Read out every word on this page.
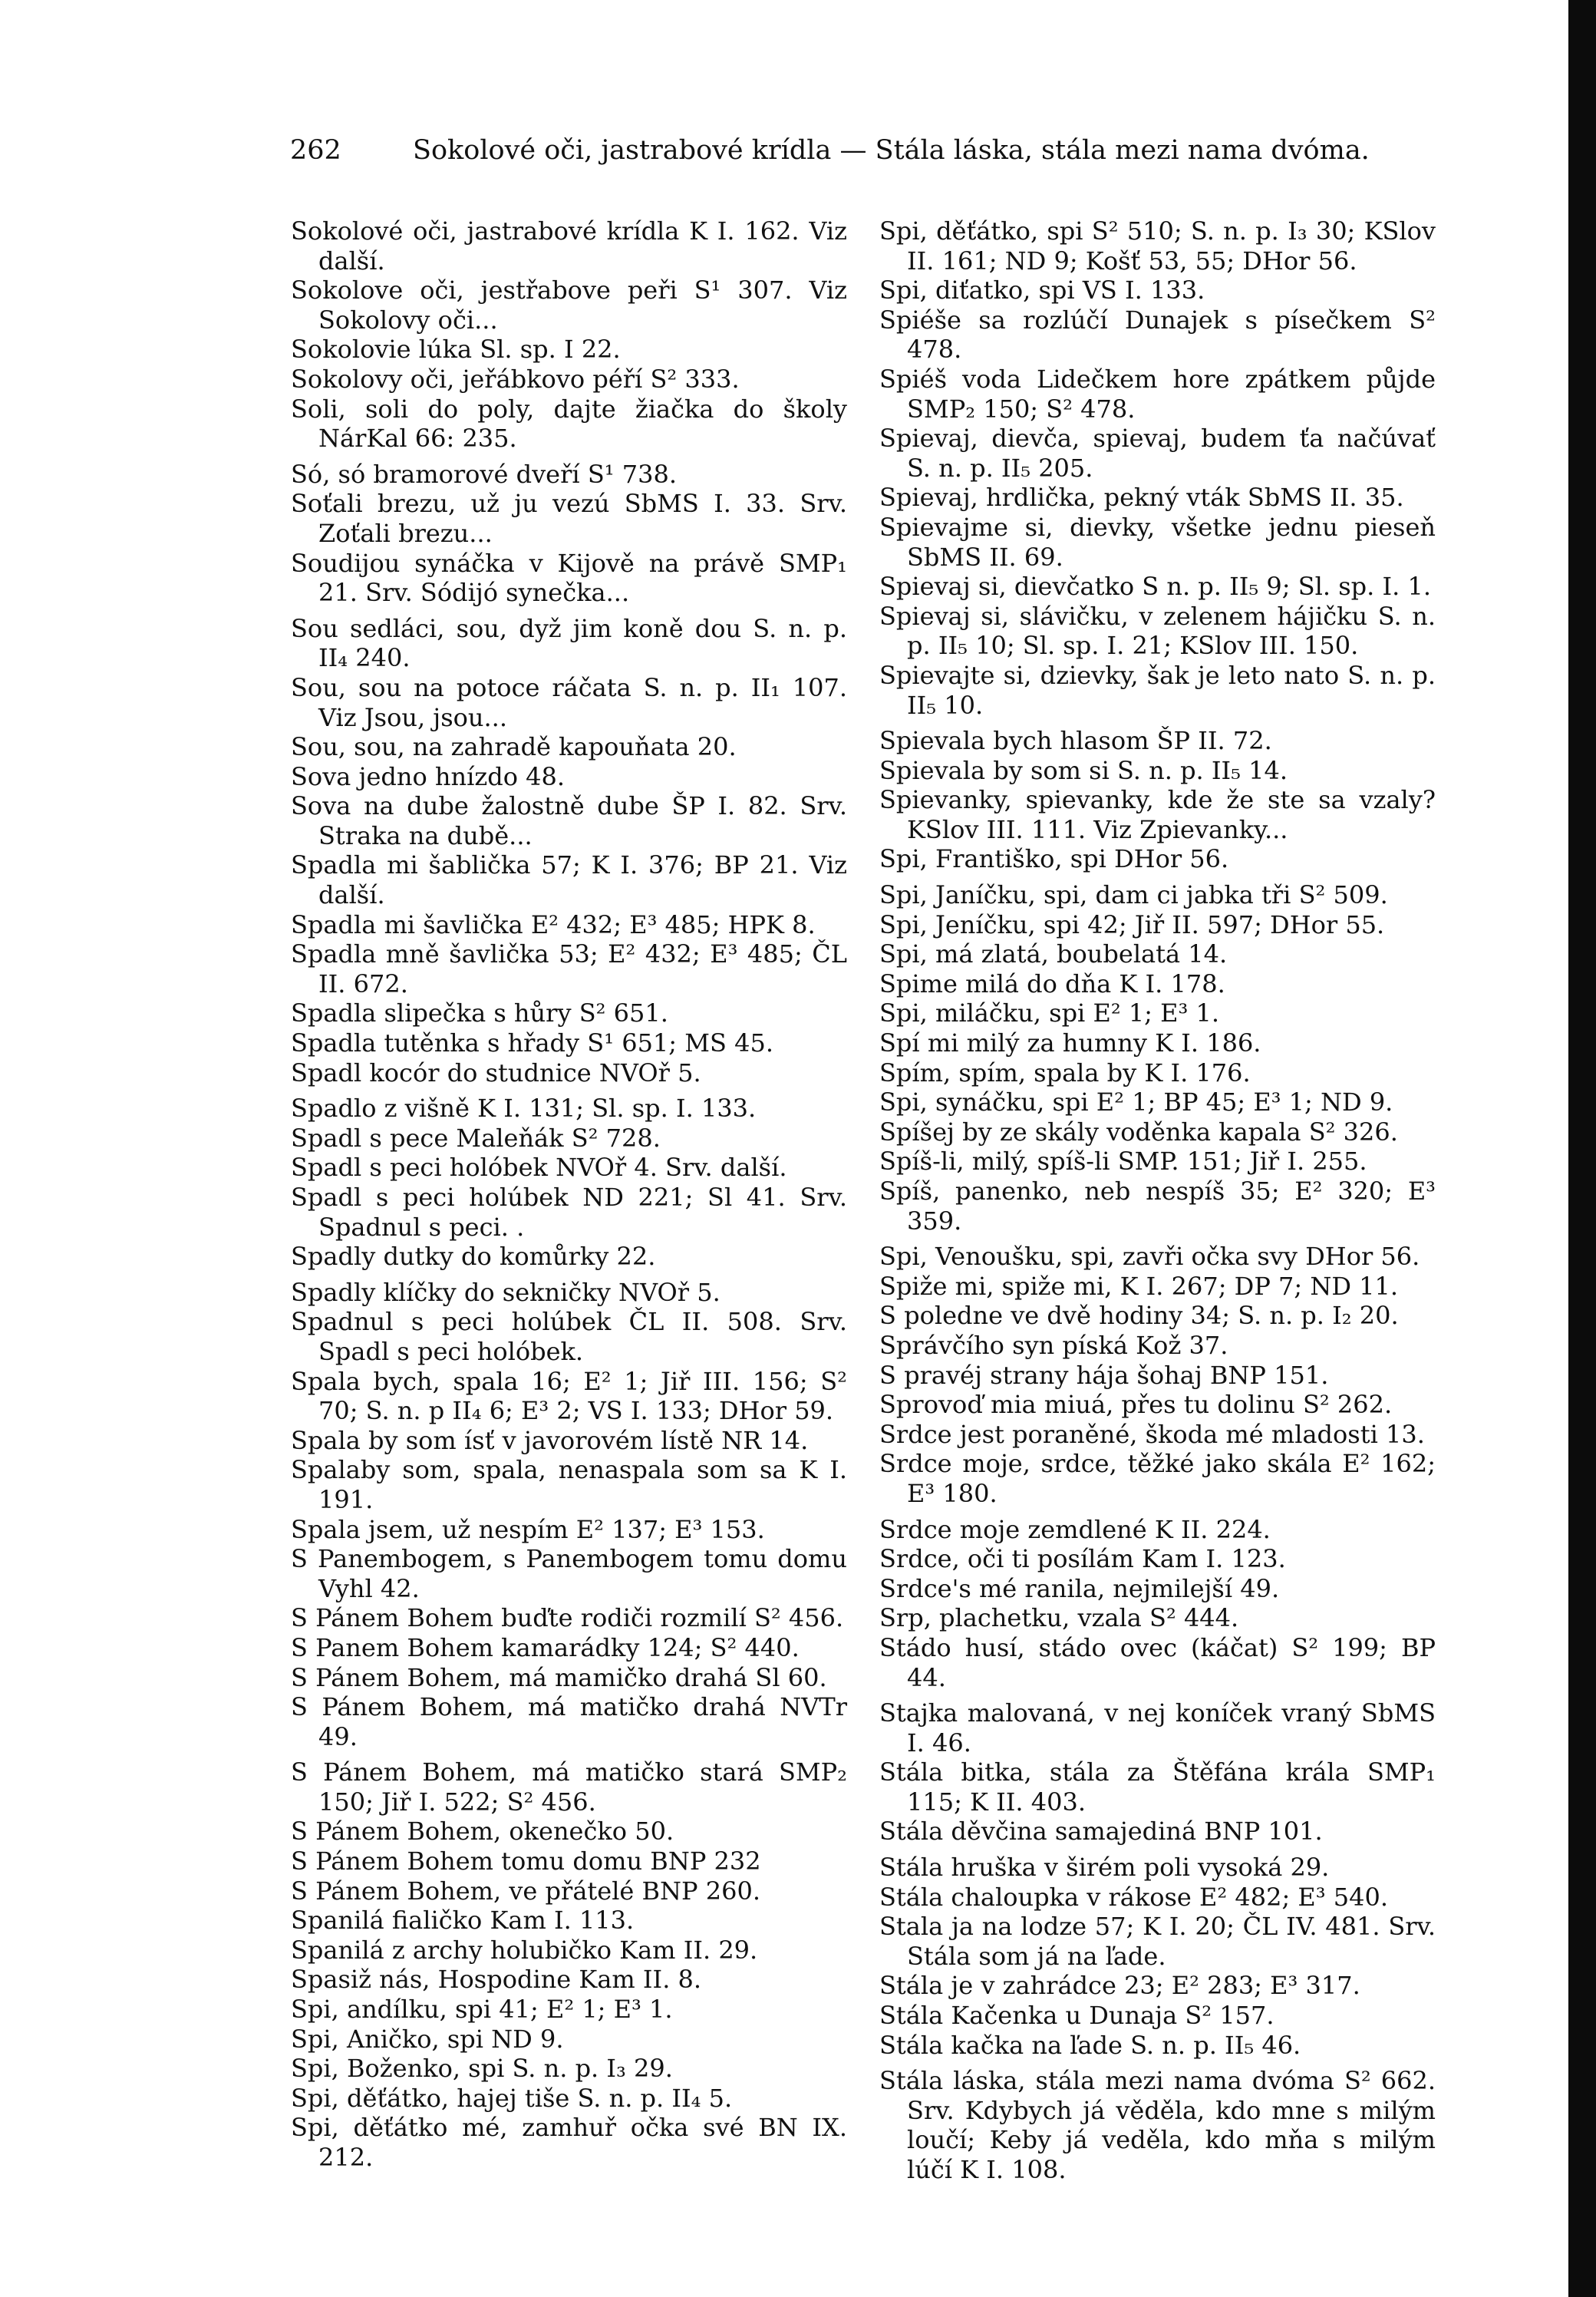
262	Sokolové oči, jastrabové krídla — Stála láska, stála mezi nama dvóma.

Sokolové oči, jastrabové krídla K I. 162. Viz další.

Sokolove oči, jestřabove peři S¹ 307. Viz Sokolovy oči...

Sokolovie lúka Sl. sp. I 22.

Sokolovy oči, jeřábkovo péří S² 333.

Soli, soli do poly, dajte žiačka do školy NárKal 66: 235.

Só, só bramorové dveří S¹ 738.

Soťali brezu, už ju vezú SbMS I. 33. Srv. Zoťali brezu...

Soudijou synáčka v Kijově na právě SMP₁ 21. Srv. Sódijó synečka...

Sou sedláci, sou, dyž jim koně dou S. n. p. II₄ 240.

Sou, sou na potoce ráčata S. n. p. II₁ 107. Viz Jsou, jsou...

Sou, sou, na zahradě kapouňata 20.

Sova jedno hnízdo 48.

Sova na dube žalostně dube ŠP I. 82. Srv. Straka na dubě...

Spadla mi šablička 57; K I. 376; BP 21. Viz další.

Spadla mi šavlička E² 432; E³ 485; HPK 8.

Spadla mně šavlička 53; E² 432; E³ 485; ČL II. 672.

Spadla slipečka s hůry S² 651.

Spadla tutěnka s hřady S¹ 651; MS 45.

Spadl kocór do studnice NVOř 5.

Spadlo z višně K I. 131; Sl. sp. I. 133.

Spadl s pece Maleňák S² 728.

Spadl s peci holóbek NVOř 4. Srv. další.

Spadl s peci holúbek ND 221; Sl 41. Srv. Spadnul s peci. .

Spadly dutky do komůrky 22.

Spadly klíčky do sekničky NVOř 5.

Spadnul s peci holúbek ČL II. 508. Srv. Spadl s peci holóbek.

Spala bych, spala 16; E² 1; Jiř III. 156; S² 70; S. n. p II₄ 6; E³ 2; VS I. 133; DHor 59.

Spala by som ísť v javorovém lístě NR 14.

Spalaby som, spala, nenaspala som sa K I. 191.

Spala jsem, už nespím E² 137; E³ 153.

S Panembogem, s Panembogem tomu domu Vyhl 42.

S Pánem Bohem buďte rodiči rozmilí S² 456.

S Panem Bohem kamarádky 124; S² 440.

S Pánem Bohem, má mamičko drahá Sl 60.

S Pánem Bohem, má matičko drahá NVTr 49.

S Pánem Bohem, má matičko stará SMP₂ 150; Jiř I. 522; S² 456.

S Pánem Bohem, okenečko 50.

S Pánem Bohem tomu domu BNP 232

S Pánem Bohem, ve přátelé BNP 260.

Spanilá fialičko Kam I. 113.

Spanilá z archy holubičko Kam II. 29.

Spasiž nás, Hospodine Kam II. 8.

Spi, andílku, spi 41; E² 1; E³ 1.

Spi, Aničko, spi ND 9.

Spi, Boženko, spi S. n. p. I₃ 29.

Spi, děťátko, hajej tiše S. n. p. II₄ 5.

Spi, děťátko mé, zamhuř očka své BN IX. 212.

Spi, děťátko, spi S² 510; S. n. p. I₃ 30; KSlov II. 161; ND 9; Košť 53, 55; DHor 56.

Spi, diťatko, spi VS I. 133.

Spiéše sa rozlúčí Dunajek s písečkem S² 478.

Spiéš voda Lidečkem hore zpátkem půjde SMP₂ 150; S² 478.

Spievaj, dievča, spievaj, budem ťa načúvať S. n. p. II₅ 205.

Spievaj, hrdlička, pekný vták SbMS II. 35.

Spievajme si, dievky, všetke jednu pieseň SbMS II. 69.

Spievaj si, dievčatko S n. p. II₅ 9; Sl. sp. I. 1.

Spievaj si, slávičku, v zelenem hájičku S. n. p. II₅ 10; Sl. sp. I. 21; KSlov III. 150.

Spievajte si, dzievky, šak je leto nato S. n. p. II₅ 10.

Spievala bych hlasom ŠP II. 72.

Spievala by som si S. n. p. II₅ 14.

Spievanky, spievanky, kde že ste sa vzaly? KSlov III. 111. Viz Zpievanky...

Spi, Františko, spi DHor 56.

Spi, Janíčku, spi, dam ci jabka tři S² 509.

Spi, Jeníčku, spi 42; Jiř II. 597; DHor 55.

Spi, má zlatá, boubelatá 14.

Spime milá do dňa K I. 178.

Spi, miláčku, spi E² 1; E³ 1.

Spí mi milý za humny K I. 186.

Spím, spím, spala by K I. 176.

Spi, synáčku, spi E² 1; BP 45; E³ 1; ND 9.

Spíšej by ze skály voděnka kapala S² 326.

Spíš-li, milý, spíš-li SMP. 151; Jiř I. 255.

Spíš, panenko, neb nespíš 35; E² 320; E³ 359.

Spi, Venoušku, spi, zavři očka svy DHor 56.

Spiže mi, spiže mi, K I. 267; DP 7; ND 11.

S poledne ve dvě hodiny 34; S. n. p. I₂ 20.

Správčího syn píská Kož 37.

S pravéj strany hája šohaj BNP 151.

Sprovoď mia miuá, přes tu dolinu S² 262.

Srdce jest poraněné, škoda mé mladosti 13.

Srdce moje, srdce, těžké jako skála E² 162; E³ 180.

Srdce moje zemdlené K II. 224.

Srdce, oči ti posílám Kam I. 123.

Srdce's mé ranila, nejmilejší 49.

Srp, plachetku, vzala S² 444.

Stádo husí, stádo ovec (káčat) S² 199; BP 44.

Stajka malovaná, v nej koníček vraný SbMS I. 46.

Stála bitka, stála za Štěfána krála SMP₁ 115; K II. 403.

Stála děvčina samajediná BNP 101.

Stála hruška v širém poli vysoká 29.

Stála chaloupka v rákose E² 482; E³ 540.

Stala ja na lodze 57; K I. 20; ČL IV. 481. Srv. Stála som já na ľade.

Stála je v zahrádce 23; E² 283; E³ 317.

Stála Kačenka u Dunaja S² 157.

Stála kačka na ľade S. n. p. II₅ 46.

Stála láska, stála mezi nama dvóma S² 662. Srv. Kdybych já věděla, kdo mne s milým loučí; Keby já veděla, kdo mňa s milým lúčí K I. 108.
